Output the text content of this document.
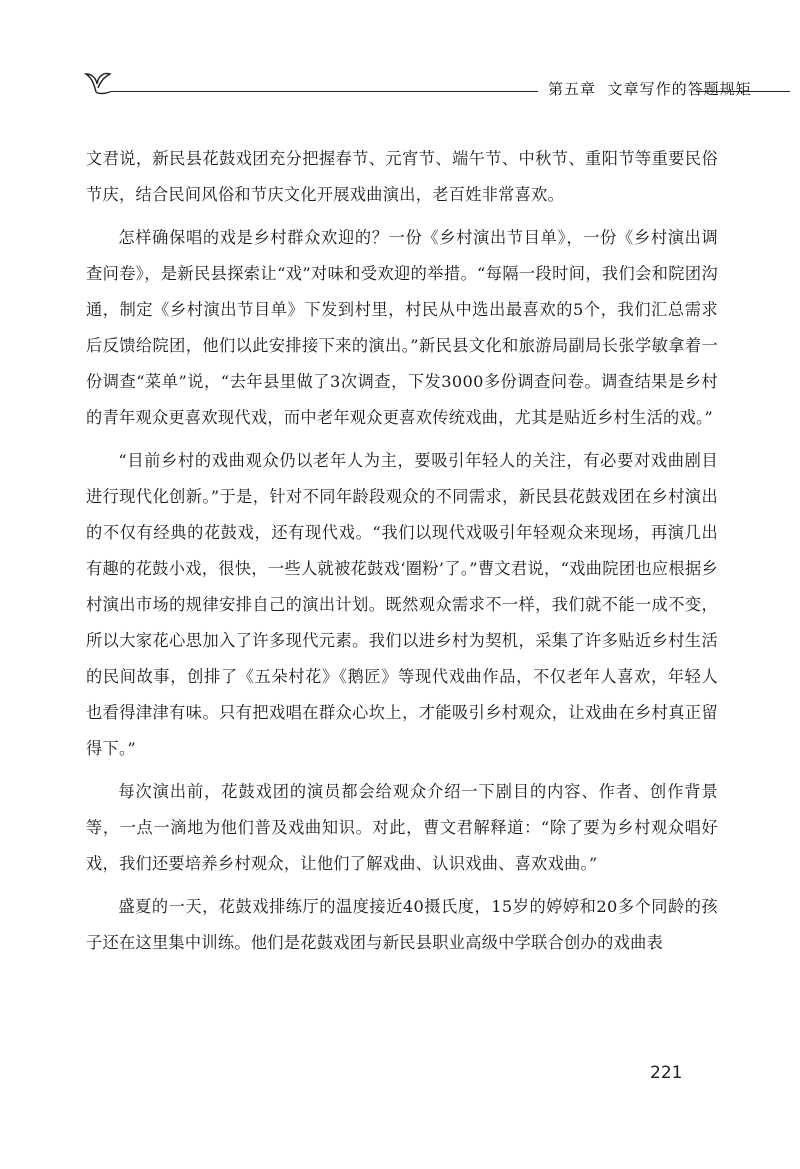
第五章 文章写作的答题规矩

文君说，新民县花鼓戏团充分把握春节、元宵节、端午节、中秋节、重阳节等重要民俗节庆，结合民间风俗和节庆文化开展戏曲演出，老百姓非常喜欢。

怎样确保唱的戏是乡村群众欢迎的？一份《乡村演出节目单》，一份《乡村演出调查问卷》，是新民县探索让“戏”对味和受欢迎的举措。“每隔一段时间，我们会和院团沟通，制定《乡村演出节目单》下发到村里，村民从中选出最喜欢的5个，我们汇总需求后反馈给院团，他们以此安排接下来的演出。”新民县文化和旅游局副局长张学敏拿着一份调查“菜单”说，“去年县里做了3次调查，下发3000多份调查问卷。调查结果是乡村的青年观众更喜欢现代戏，而中老年观众更喜欢传统戏曲，尤其是贴近乡村生活的戏。”

“目前乡村的戏曲观众仍以老年人为主，要吸引年轻人的关注，有必要对戏曲剧目进行现代化创新。”于是，针对不同年龄段观众的不同需求，新民县花鼓戏团在乡村演出的不仅有经典的花鼓戏，还有现代戏。“我们以现代戏吸引年轻观众来现场，再演几出有趣的花鼓小戏，很快，一些人就被花鼓戏‘圈粉’了。”曹文君说，“戏曲院团也应根据乡村演出市场的规律安排自己的演出计划。既然观众需求不一样，我们就不能一成不变，所以大家花心思加入了许多现代元素。我们以进乡村为契机，采集了许多贴近乡村生活的民间故事，创排了《五朵村花》《鹅匠》等现代戏曲作品，不仅老年人喜欢，年轻人也看得津津有味。只有把戏唱在群众心坎上，才能吸引乡村观众，让戏曲在乡村真正留得下。”

每次演出前，花鼓戏团的演员都会给观众介绍一下剧目的内容、作者、创作背景等，一点一滴地为他们普及戏曲知识。对此，曹文君解释道：“除了要为乡村观众唱好戏，我们还要培养乡村观众，让他们了解戏曲、认识戏曲、喜欢戏曲。”

盛夏的一天，花鼓戏排练厅的温度接近40摄氏度，15岁的婷婷和20多个同龄的孩子还在这里集中训练。他们是花鼓戏团与新民县职业高级中学联合创办的戏曲表

221
